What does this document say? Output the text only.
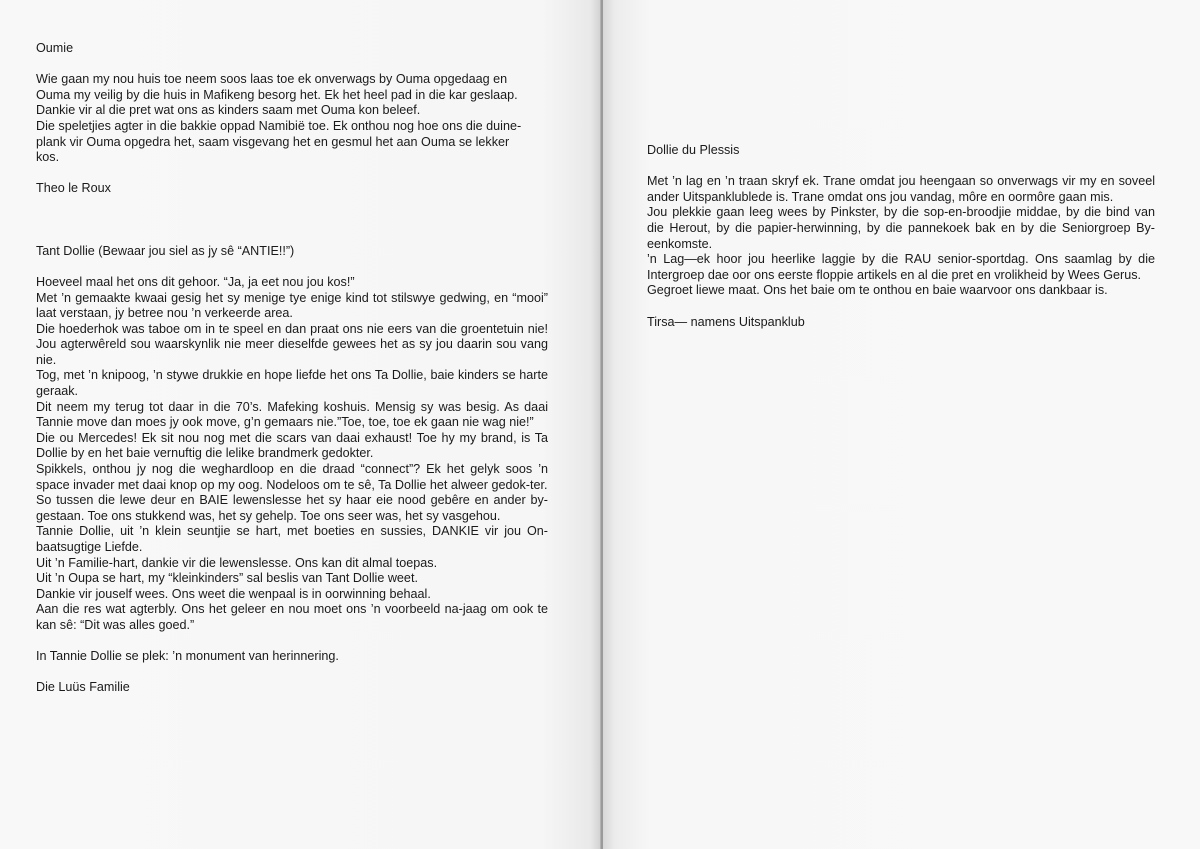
Oumie
Wie gaan my nou huis toe neem soos laas toe ek onverwags by Ouma opgedaag en
Ouma my veilig by die huis in Mafikeng besorg het. Ek het heel pad in die kar geslaap.
Dankie vir al die pret wat ons as kinders saam met Ouma kon beleef.
Die speletjies agter in die bakkie oppad Namibië toe. Ek onthou nog hoe ons die duine-
plank vir Ouma opgedra het, saam visgevang het en gesmul het aan Ouma se lekker
kos.
Theo le Roux
Tant Dollie (Bewaar jou siel as jy sê “ANTIE!!”)
Hoeveel maal het ons dit gehoor. “Ja, ja eet nou jou kos!”
Met ’n gemaakte kwaai gesig het sy menige tye enige kind tot stilswye gedwing, en “mooi” laat verstaan, jy betree nou ’n verkeerde area.
Die hoederhok was taboe om in te speel en dan praat ons nie eers van die groentetuin nie! Jou agterwêreld sou waarskynlik nie meer dieselfde gewees het as sy jou daarin sou vang nie.
Tog, met ’n knipoog, ’n stywe drukkie en hope liefde het ons Ta Dollie, baie kinders se harte geraak.
Dit neem my terug tot daar in die 70’s. Mafeking koshuis. Mensig sy was besig. As daai Tannie move dan moes jy ook move, g’n gemaars nie.”Toe, toe, toe ek gaan nie wag nie!”
Die ou Mercedes! Ek sit nou nog met die scars van daai exhaust! Toe hy my brand, is Ta Dollie by en het baie vernuftig die lelike brandmerk gedokter.
Spikkels, onthou jy nog die weghardloop en die draad “connect”? Ek het gelyk soos ’n space invader met daai knop op my oog. Nodeloos om te sê, Ta Dollie het alweer gedok-ter.
So tussen die lewe deur en BAIE lewenslesse het sy haar eie nood gebêre en ander by-gestaan. Toe ons stukkend was, het sy gehelp. Toe ons seer was, het sy vasgehou.
Tannie Dollie, uit ’n klein seuntjie se hart, met boeties en sussies, DANKIE vir jou On-baatsugtige Liefde.
Uit ’n Familie-hart, dankie vir die lewenslesse. Ons kan dit almal toepas.
Uit ’n Oupa se hart, my “kleinkinders” sal beslis van Tant Dollie weet.
Dankie vir jouself wees. Ons weet die wenpaal is in oorwinning behaal.
Aan die res wat agterbly. Ons het geleer en nou moet ons ’n voorbeeld na-jaag om ook te kan sê: “Dit was alles goed.”
In Tannie Dollie se plek: ’n monument van herinnering.
Die Luüs Familie
Dollie du Plessis
Met ’n lag en ’n traan skryf ek. Trane omdat jou heengaan so onverwags vir my en soveel ander Uitspanklublede is. Trane omdat ons jou vandag, môre en oormôre gaan mis.
Jou plekkie gaan leeg wees by Pinkster, by die sop-en-broodjie middae, by die bind van die Herout, by die papier-herwinning, by die pannekoek bak en by die Seniorgroep By-eenkomste.
’n Lag—ek hoor jou heerlike laggie by die RAU senior-sportdag. Ons saamlag by die Intergroep dae oor ons eerste floppie artikels en al die pret en vrolikheid by Wees Gerus.
Gegroet liewe maat. Ons het baie om te onthou en baie waarvoor ons dankbaar is.
Tirsa— namens Uitspanklub
